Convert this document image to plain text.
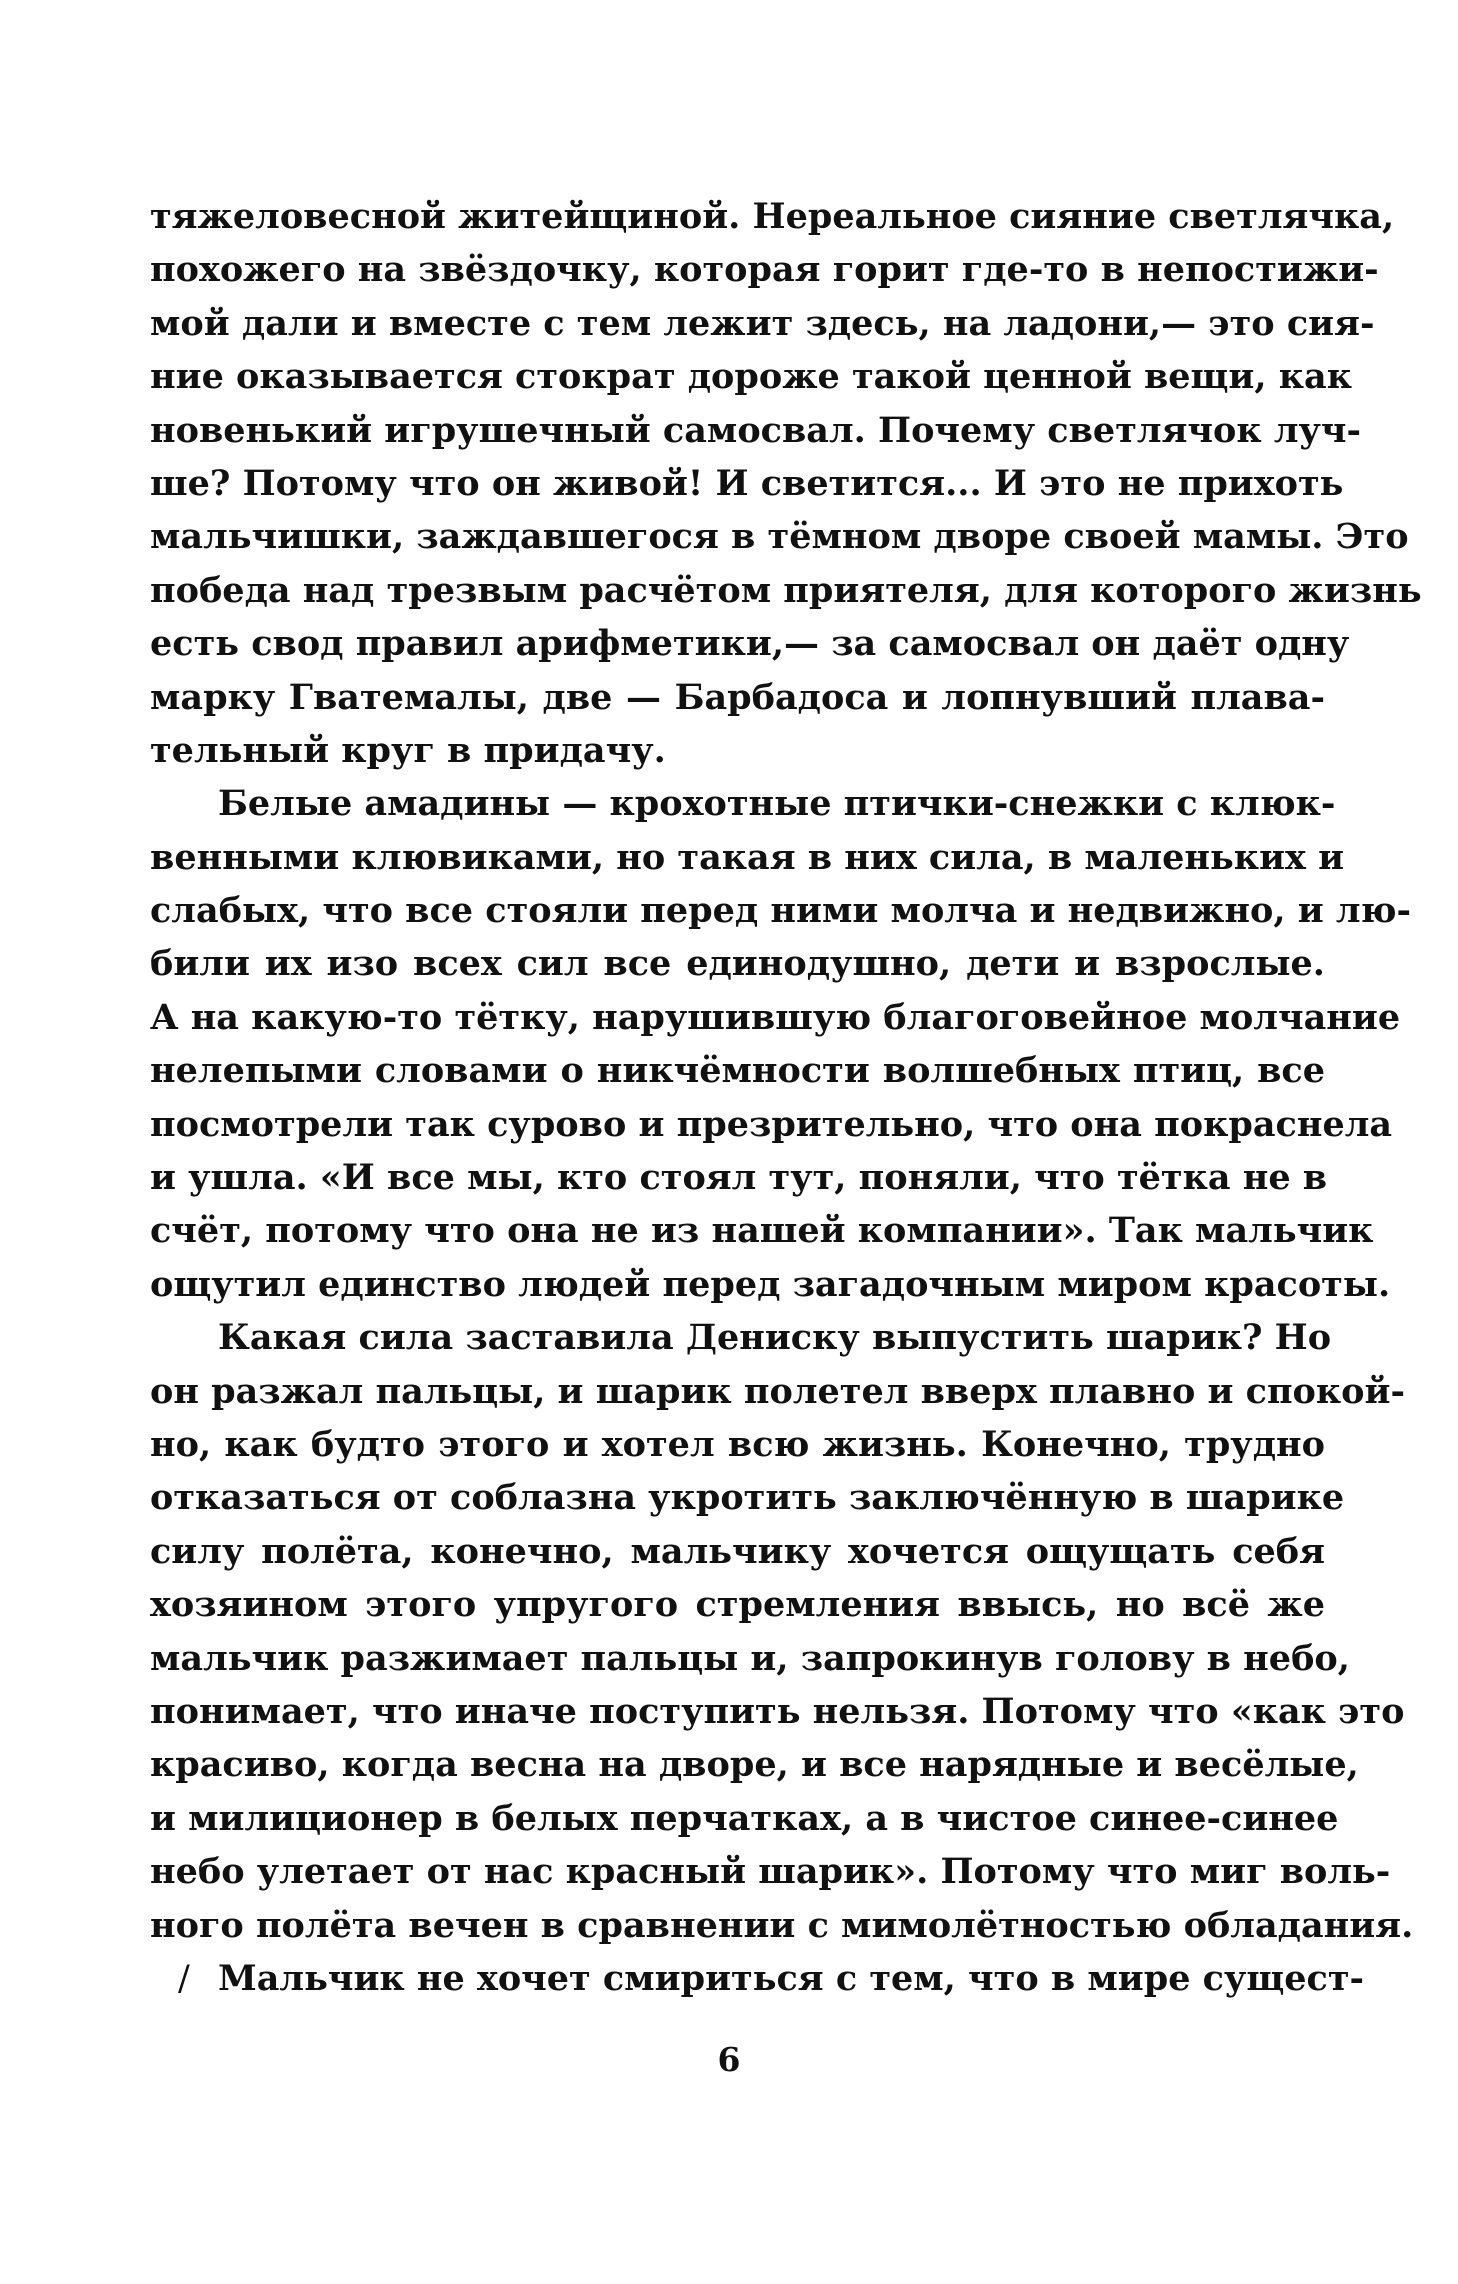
тяжеловесной житейщиной. Нереальное сияние светлячка,
похожего на звёздочку, которая горит где-то в непостижи-
мой дали и вместе с тем лежит здесь, на ладони,— это сия-
ние оказывается стократ дороже такой ценной вещи, как
новенький игрушечный самосвал. Почему светлячок луч-
ше? Потому что он живой! И светится... И это не прихоть
мальчишки, заждавшегося в тёмном дворе своей мамы. Это
победа над трезвым расчётом приятеля, для которого жизнь
есть свод правил арифметики,— за самосвал он даёт одну
марку Гватемалы, две — Барбадоса и лопнувший плава-
тельный круг в придачу.
Белые амадины — крохотные птички-снежки с клюк-
венными клювиками, но такая в них сила, в маленьких и
слабых, что все стояли перед ними молча и недвижно, и лю-
били их изо всех сил все единодушно, дети и взрослые.
А на какую-то тётку, нарушившую благоговейное молчание
нелепыми словами о никчёмности волшебных птиц, все
посмотрели так сурово и презрительно, что она покраснела
и ушла. «И все мы, кто стоял тут, поняли, что тётка не в
счёт, потому что она не из нашей компании». Так мальчик
ощутил единство людей перед загадочным миром красоты.
Какая сила заставила Дениску выпустить шарик? Но
он разжал пальцы, и шарик полетел вверх плавно и спокой-
но, как будто этого и хотел всю жизнь. Конечно, трудно
отказаться от соблазна укротить заключённую в шарике
силу полёта, конечно, мальчику хочется ощущать себя
хозяином этого упругого стремления ввысь, но всё же
мальчик разжимает пальцы и, запрокинув голову в небо,
понимает, что иначе поступить нельзя. Потому что «как это
красиво, когда весна на дворе, и все нарядные и весёлые,
и милиционер в белых перчатках, а в чистое синее-синее
небо улетает от нас красный шарик». Потому что миг воль-
ного полёта вечен в сравнении с мимолётностью обладания.
/ Мальчик не хочет смириться с тем, что в мире сущест-
6
